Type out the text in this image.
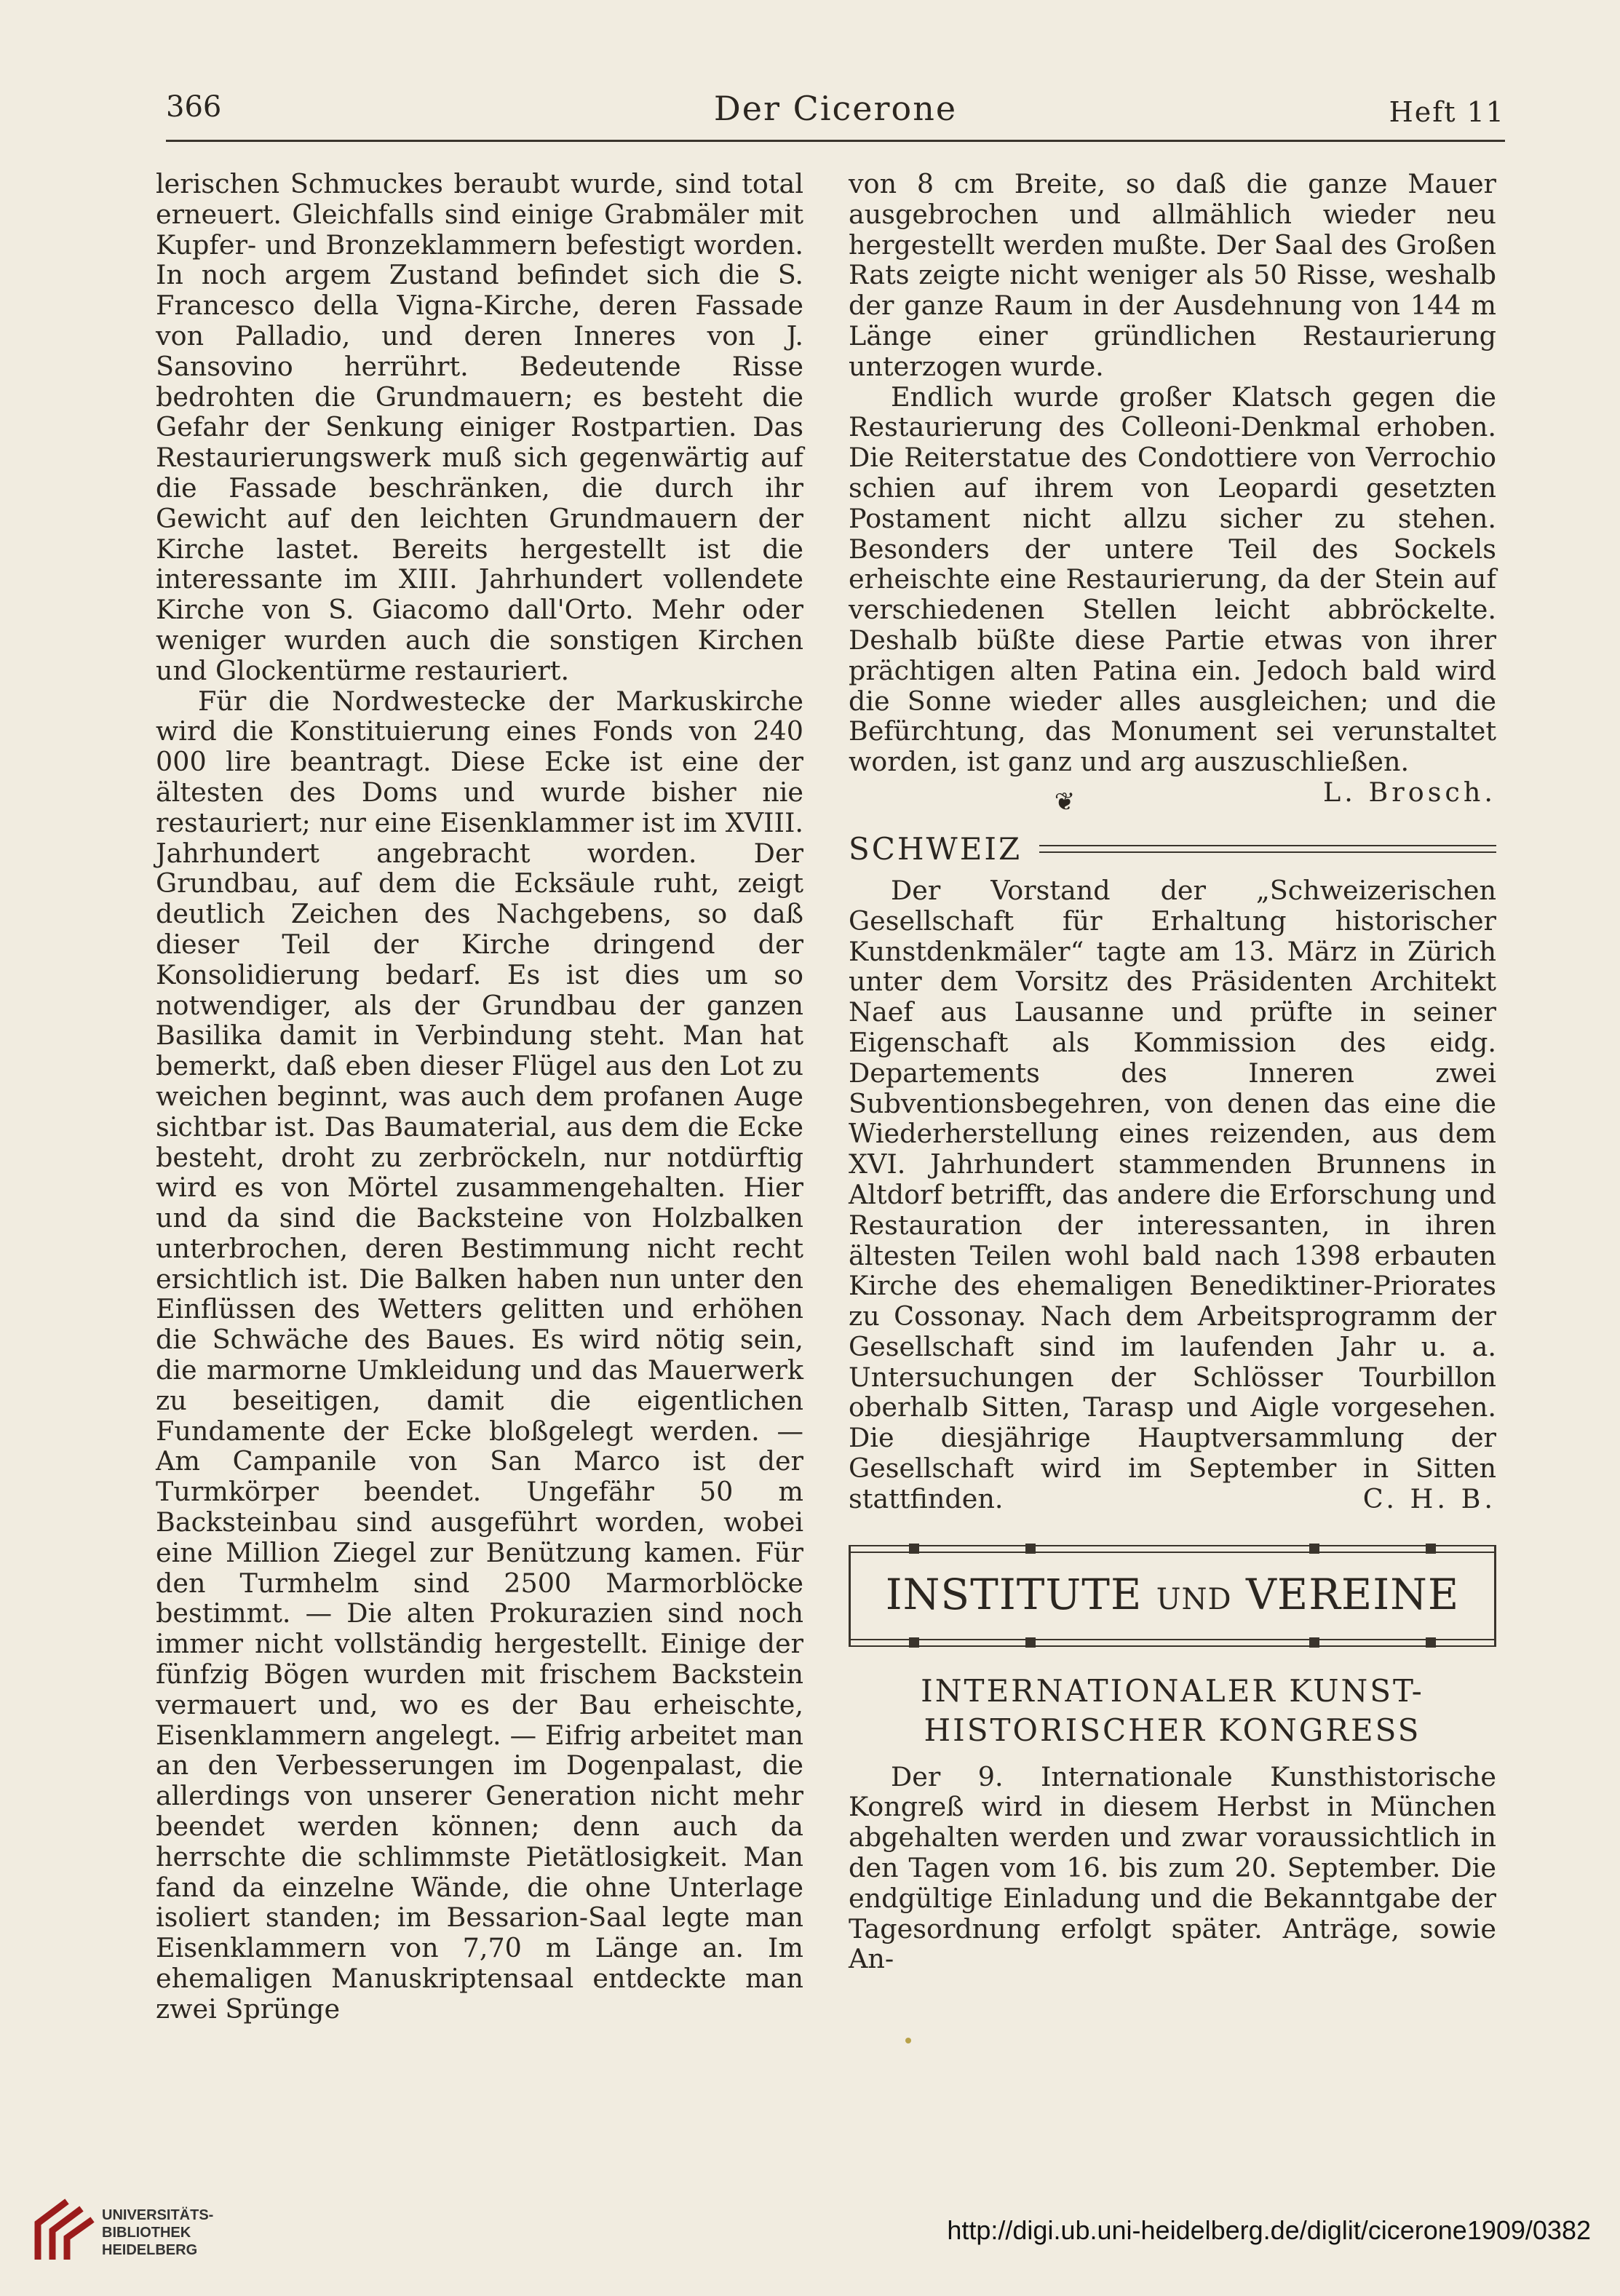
366	Der Cicerone	Heft 11

lerischen Schmuckes beraubt wurde, sind total erneuert. Gleichfalls sind einige Grabmäler mit Kupfer- und Bronzeklammern befestigt worden. In noch argem Zustand befindet sich die S. Francesco della Vigna-Kirche, deren Fassade von Palladio, und deren Inneres von J. Sansovino herrührt. Bedeutende Risse bedrohten die Grundmauern; es besteht die Gefahr der Senkung einiger Rostpartien. Das Restaurierungswerk muß sich gegenwärtig auf die Fassade beschränken, die durch ihr Gewicht auf den leichten Grundmauern der Kirche lastet. Bereits hergestellt ist die interessante im XIII. Jahrhundert vollendete Kirche von S. Giacomo dall'Orto. Mehr oder weniger wurden auch die sonstigen Kirchen und Glockentürme restauriert.

Für die Nordwestecke der Markuskirche wird die Konstituierung eines Fonds von 240 000 lire beantragt. Diese Ecke ist eine der ältesten des Doms und wurde bisher nie restauriert; nur eine Eisenklammer ist im XVIII. Jahrhundert angebracht worden. Der Grundbau, auf dem die Ecksäule ruht, zeigt deutlich Zeichen des Nachgebens, so daß dieser Teil der Kirche dringend der Konsolidierung bedarf. Es ist dies um so notwendiger, als der Grundbau der ganzen Basilika damit in Verbindung steht. Man hat bemerkt, daß eben dieser Flügel aus den Lot zu weichen beginnt, was auch dem profanen Auge sichtbar ist. Das Baumaterial, aus dem die Ecke besteht, droht zu zerbröckeln, nur notdürftig wird es von Mörtel zusammengehalten. Hier und da sind die Backsteine von Holzbalken unterbrochen, deren Bestimmung nicht recht ersichtlich ist. Die Balken haben nun unter den Einflüssen des Wetters gelitten und erhöhen die Schwäche des Baues. Es wird nötig sein, die marmorne Umkleidung und das Mauerwerk zu beseitigen, damit die eigentlichen Fundamente der Ecke bloßgelegt werden. — Am Campanile von San Marco ist der Turmkörper beendet. Ungefähr 50 m Backsteinbau sind ausgeführt worden, wobei eine Million Ziegel zur Benützung kamen. Für den Turmhelm sind 2500 Marmorblöcke bestimmt. — Die alten Prokurazien sind noch immer nicht vollständig hergestellt. Einige der fünfzig Bögen wurden mit frischem Backstein vermauert und, wo es der Bau erheischte, Eisenklammern angelegt. — Eifrig arbeitet man an den Verbesserungen im Dogenpalast, die allerdings von unserer Generation nicht mehr beendet werden können; denn auch da herrschte die schlimmste Pietätlosigkeit. Man fand da einzelne Wände, die ohne Unterlage isoliert standen; im Bessarion-Saal legte man Eisenklammern von 7,70 m Länge an. Im ehemaligen Manuskriptensaal entdeckte man zwei Sprünge

von 8 cm Breite, so daß die ganze Mauer ausgebrochen und allmählich wieder neu hergestellt werden mußte. Der Saal des Großen Rats zeigte nicht weniger als 50 Risse, weshalb der ganze Raum in der Ausdehnung von 144 m Länge einer gründlichen Restaurierung unterzogen wurde.

Endlich wurde großer Klatsch gegen die Restaurierung des Colleoni-Denkmal erhoben. Die Reiterstatue des Condottiere von Verrochio schien auf ihrem von Leopardi gesetzten Postament nicht allzu sicher zu stehen. Besonders der untere Teil des Sockels erheischte eine Restaurierung, da der Stein auf verschiedenen Stellen leicht abbröckelte. Deshalb büßte diese Partie etwas von ihrer prächtigen alten Patina ein. Jedoch bald wird die Sonne wieder alles ausgleichen; und die Befürchtung, das Monument sei verunstaltet worden, ist ganz und arg auszuschließen.
L. Brosch.

❦
SCHWEIZ

Der Vorstand der „Schweizerischen Gesellschaft für Erhaltung historischer Kunstdenkmäler“ tagte am 13. März in Zürich unter dem Vorsitz des Präsidenten Architekt Naef aus Lausanne und prüfte in seiner Eigenschaft als Kommission des eidg. Departements des Inneren zwei Subventionsbegehren, von denen das eine die Wiederherstellung eines reizenden, aus dem XVI. Jahrhundert stammenden Brunnens in Altdorf betrifft, das andere die Erforschung und Restauration der interessanten, in ihren ältesten Teilen wohl bald nach 1398 erbauten Kirche des ehemaligen Benediktiner-Priorates zu Cossonay. Nach dem Arbeitsprogramm der Gesellschaft sind im laufenden Jahr u. a. Untersuchungen der Schlösser Tourbillon oberhalb Sitten, Tarasp und Aigle vorgesehen. Die diesjährige Hauptversammlung der Gesellschaft wird im September in Sitten stattfinden.	C. H. B.

INSTITUTE UND VEREINE
INTERNATIONALER KUNST-
HISTORISCHER KONGRESS

Der 9. Internationale Kunsthistorische Kongreß wird in diesem Herbst in München abgehalten werden und zwar voraussichtlich in den Tagen vom 16. bis zum 20. September. Die endgültige Einladung und die Bekanntgabe der Tagesordnung erfolgt später. Anträge, sowie An-

UNIVERSITÄTS-
BIBLIOTHEK
HEIDELBERG
http://digi.ub.uni-heidelberg.de/diglit/cicerone1909/0382
